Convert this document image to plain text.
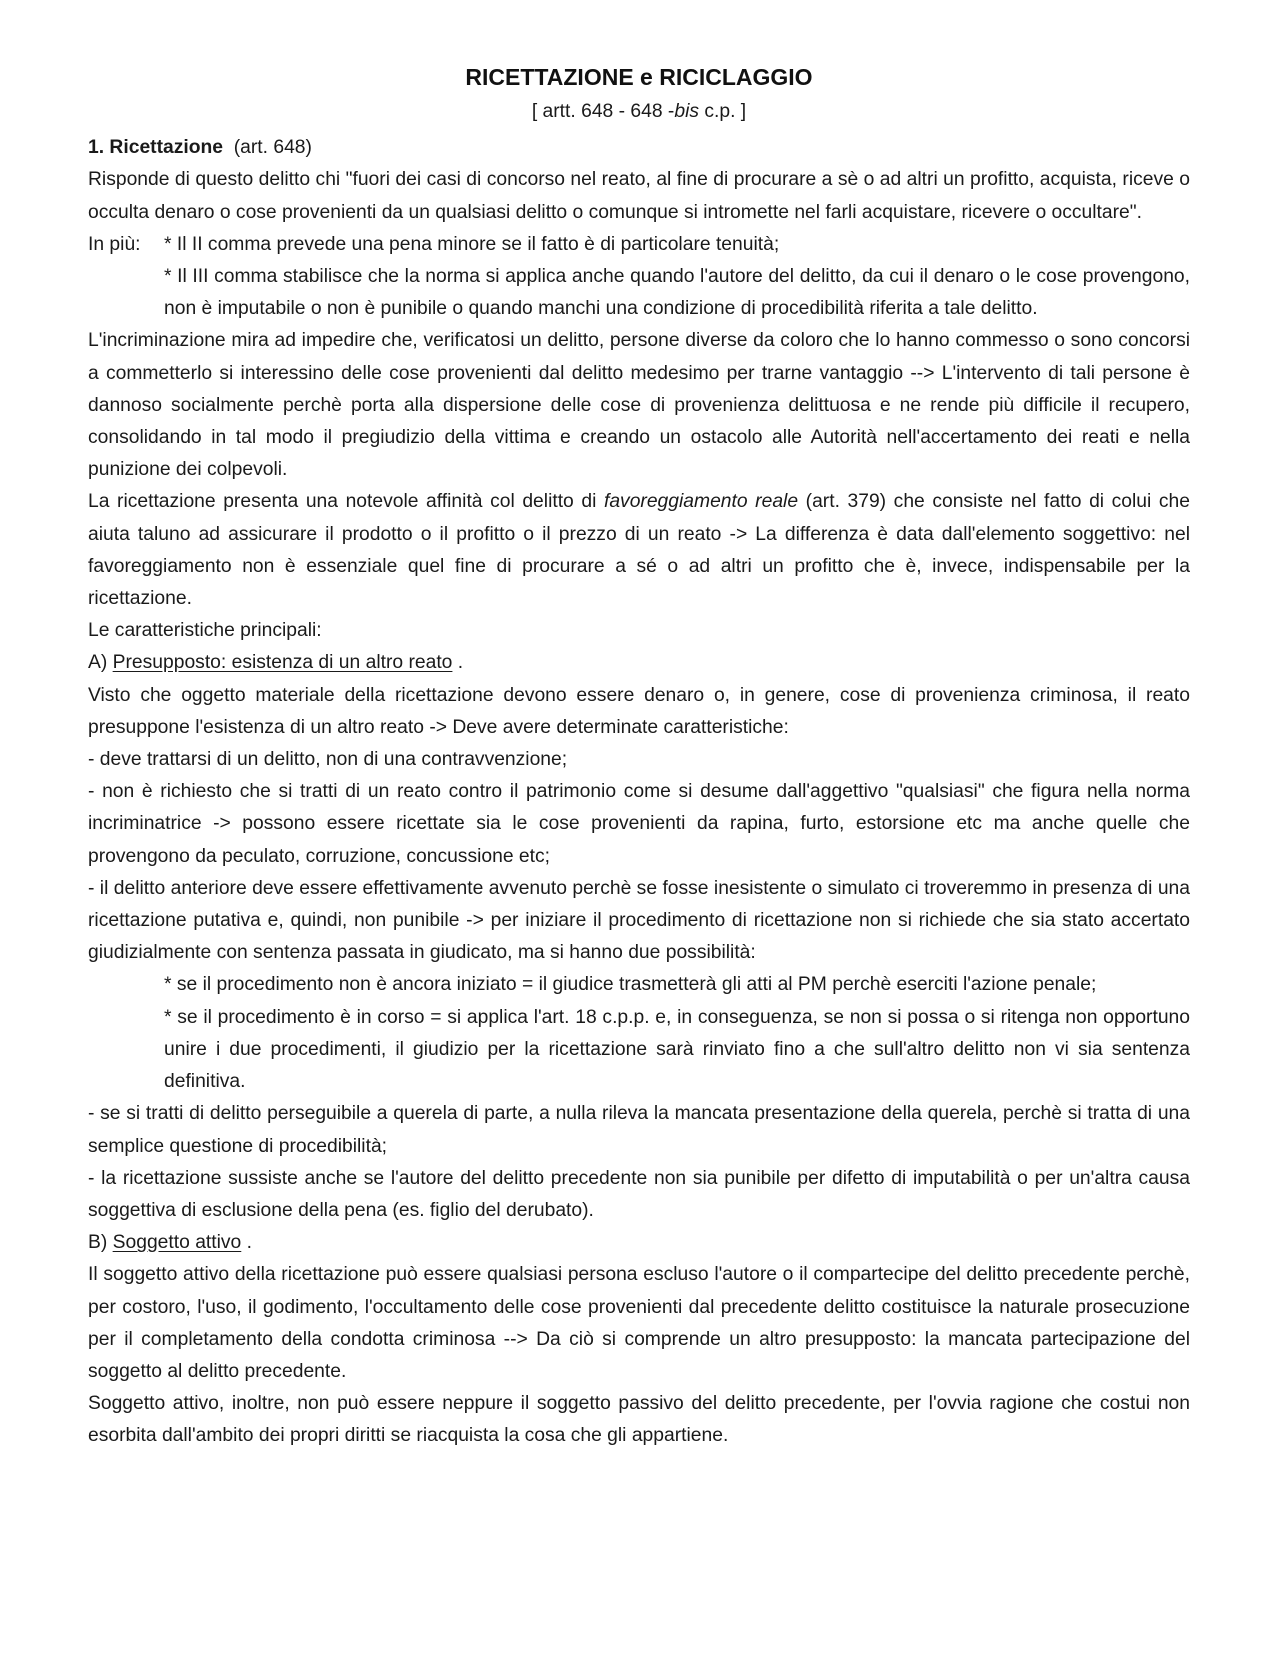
RICETTAZIONE e RICICLAGGIO

[ artt. 648 - 648 -bis c.p. ]

1. Ricettazione  (art. 648)

Risponde di questo delitto chi "fuori dei casi di concorso nel reato, al fine di procurare a sè o ad altri un profitto, acquista, riceve o occulta denaro o cose provenienti da un qualsiasi delitto o comunque si intromette nel farli acquistare, ricevere o occultare".

In più:	* Il II comma prevede una pena minore se il fatto è di particolare tenuità;

* Il III comma stabilisce che la norma si applica anche quando l'autore del delitto, da cui il denaro o le cose provengono, non è imputabile o non è punibile o quando manchi una condizione di procedibilità riferita a tale delitto.

L'incriminazione mira ad impedire che, verificatosi un delitto, persone diverse da coloro che lo hanno commesso o sono concorsi a commetterlo si interessino delle cose provenienti dal delitto medesimo per trarne vantaggio --> L'intervento di tali persone è dannoso socialmente perchè porta alla dispersione delle cose di provenienza delittuosa e ne rende più difficile il recupero, consolidando in tal modo il pregiudizio della vittima e creando un ostacolo alle Autorità nell'accertamento dei reati e nella punizione dei colpevoli.

La ricettazione presenta una notevole affinità col delitto di favoreggiamento reale (art. 379) che consiste nel fatto di colui che aiuta taluno ad assicurare il prodotto o il profitto o il prezzo di un reato -> La differenza è data dall'elemento soggettivo: nel favoreggiamento non è essenziale quel fine di procurare a sé o ad altri un profitto che è, invece, indispensabile per la ricettazione.

Le caratteristiche principali:

A) Presupposto: esistenza di un altro reato .

Visto che oggetto materiale della ricettazione devono essere denaro o, in genere, cose di provenienza criminosa, il reato presuppone l'esistenza di un altro reato -> Deve avere determinate caratteristiche:

- deve trattarsi di un delitto, non di una contravvenzione;

- non è richiesto che si tratti di un reato contro il patrimonio come si desume dall'aggettivo "qualsiasi" che figura nella norma incriminatrice -> possono essere ricettate sia le cose provenienti da rapina, furto, estorsione etc ma anche quelle che provengono da peculato, corruzione, concussione etc;

- il delitto anteriore deve essere effettivamente avvenuto perchè se fosse inesistente o simulato ci troveremmo in presenza di una ricettazione putativa e, quindi, non punibile -> per iniziare il procedimento di ricettazione non si richiede che sia stato accertato giudizialmente con sentenza passata in giudicato, ma si hanno due possibilità:

* se il procedimento non è ancora iniziato = il giudice trasmetterà gli atti al PM perchè eserciti l'azione penale;

* se il procedimento è in corso = si applica l'art. 18 c.p.p. e, in conseguenza, se non si possa o si ritenga non opportuno unire i due procedimenti, il giudizio per la ricettazione sarà rinviato fino a che sull'altro delitto non vi sia sentenza definitiva.

- se si tratti di delitto perseguibile a querela di parte, a nulla rileva la mancata presentazione della querela, perchè si tratta di una semplice questione di procedibilità;

- la ricettazione sussiste anche se l'autore del delitto precedente non sia punibile per difetto di imputabilità o per un'altra causa soggettiva di esclusione della pena (es. figlio del derubato).

B) Soggetto attivo .

Il soggetto attivo della ricettazione può essere qualsiasi persona escluso l'autore o il compartecipe del delitto precedente perchè, per costoro, l'uso, il godimento, l'occultamento delle cose provenienti dal precedente delitto costituisce la naturale prosecuzione per il completamento della condotta criminosa --> Da ciò si comprende un altro presupposto: la mancata partecipazione del soggetto al delitto precedente.

Soggetto attivo, inoltre, non può essere neppure il soggetto passivo del delitto precedente, per l'ovvia ragione che costui non esorbita dall'ambito dei propri diritti se riacquista la cosa che gli appartiene.
